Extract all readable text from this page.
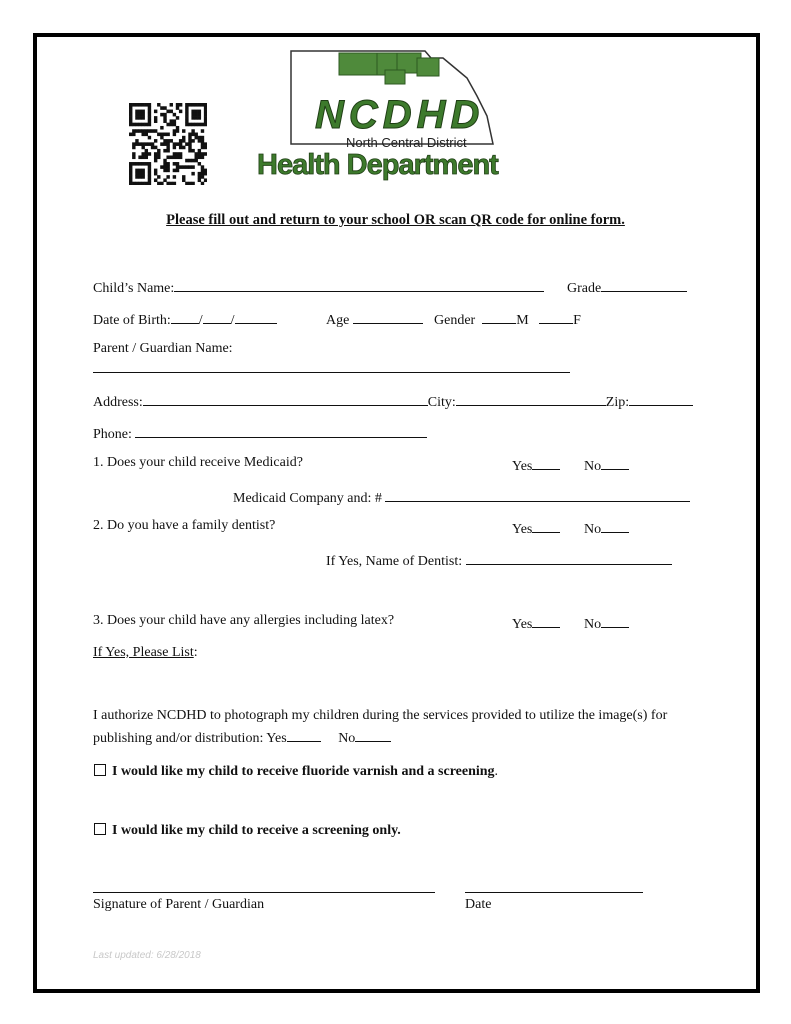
NCDHD
North Central District
Health Department
Please fill out and return to your school OR scan QR code for online form.
Child’s Name:	Grade
Date of Birth: / /	Age	Gender	M	F
Parent / Guardian Name:
Address:	City:	Zip:
Phone:
1. Does your child receive Medicaid?	Yes	No
Medicaid Company and: #
2. Do you have a family dentist?	Yes	No
If Yes, Name of Dentist:
3. Does your child have any allergies including latex?	Yes	No
If Yes, Please List:
I authorize NCDHD to photograph my children during the services provided to utilize the image(s) for
publishing and/or distribution: Yes	No
I would like my child to receive fluoride varnish and a screening.
I would like my child to receive a screening only.
Signature of Parent / Guardian	Date
Last updated: 6/28/2018
